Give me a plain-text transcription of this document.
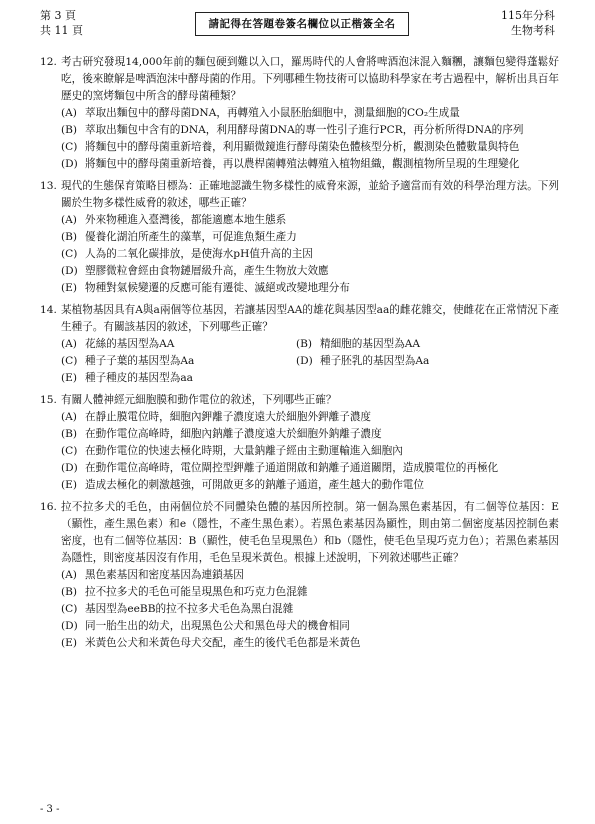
第 3 頁
共 11 頁	請記得在答題卷簽名欄位以正楷簽全名
115年分科
生物考科
12. 考古研究發現14,000年前的麵包硬到難以入口，羅馬時代的人會將啤酒泡沫混入麵糰，讓麵包變得蓬鬆好吃，後來瞭解是啤酒泡沫中酵母菌的作用。下列哪種生物技術可以協助科學家在考古過程中，解析出具百年歷史的窯烤麵包中所含的酵母菌種類？
(A) 萃取出麵包中的酵母菌DNA，再轉殖入小鼠胚胎細胞中，測量細胞的CO₂生成量
(B) 萃取出麵包中含有的DNA，利用酵母菌DNA的專一性引子進行PCR，再分析所得DNA的序列
(C) 將麵包中的酵母菌重新培養，利用顯微鏡進行酵母菌染色體核型分析，觀測染色體數量與特色
(D) 將麵包中的酵母菌重新培養，再以農桿菌轉殖法轉殖入植物組織，觀測植物所呈現的生理變化
13. 現代的生態保育策略目標為：正確地認識生物多樣性的威脅來源，並給予適當而有效的科學治理方法。下列關於生物多樣性威脅的敘述，哪些正確？
(A) 外來物種進入臺灣後，都能適應本地生態系
(B) 優養化湖泊所產生的藻華，可促進魚類生產力
(C) 人為的二氧化碳排放，是使海水pH值升高的主因
(D) 塑膠微粒會經由食物鏈層級升高，產生生物放大效應
(E) 物種對氣候變遷的反應可能有遷徙、滅絕或改變地理分布
14. 某植物基因具有A與a兩個等位基因，若讓基因型AA的雄花與基因型aa的雌花雜交，使雌花在正常情況下產生種子。有關該基因的敘述，下列哪些正確？
(A) 花絲的基因型為AA	(B) 精細胞的基因型為AA
(C) 種子子葉的基因型為Aa	(D) 種子胚乳的基因型為Aa
(E) 種子種皮的基因型為aa
15. 有關人體神經元細胞膜和動作電位的敘述，下列哪些正確？
(A) 在靜止膜電位時，細胞內鉀離子濃度遠大於細胞外鉀離子濃度
(B) 在動作電位高峰時，細胞內鈉離子濃度遠大於細胞外鈉離子濃度
(C) 在動作電位的快速去極化時期，大量鈉離子經由主動運輸進入細胞內
(D) 在動作電位高峰時，電位閘控型鉀離子通道開啟和鈉離子通道關閉，造成膜電位的再極化
(E) 造成去極化的刺激越強，可開啟更多的鈉離子通道，產生越大的動作電位
16. 拉不拉多犬的毛色，由兩個位於不同體染色體的基因所控制。第一個為黑色素基因，有二個等位基因：E（顯性，產生黑色素）和e（隱性，不產生黑色素）。若黑色素基因為顯性，則由第二個密度基因控制色素密度，也有二個等位基因：B（顯性，使毛色呈現黑色）和b（隱性，使毛色呈現巧克力色）；若黑色素基因為隱性，則密度基因沒有作用，毛色呈現米黃色。根據上述說明，下列敘述哪些正確？
(A) 黑色素基因和密度基因為連鎖基因
(B) 拉不拉多犬的毛色可能呈現黑色和巧克力色混雜
(C) 基因型為eeBB的拉不拉多犬毛色為黑白混雜
(D) 同一胎生出的幼犬，出現黑色公犬和黑色母犬的機會相同
(E) 米黃色公犬和米黃色母犬交配，產生的後代毛色都是米黃色
- 3 -
